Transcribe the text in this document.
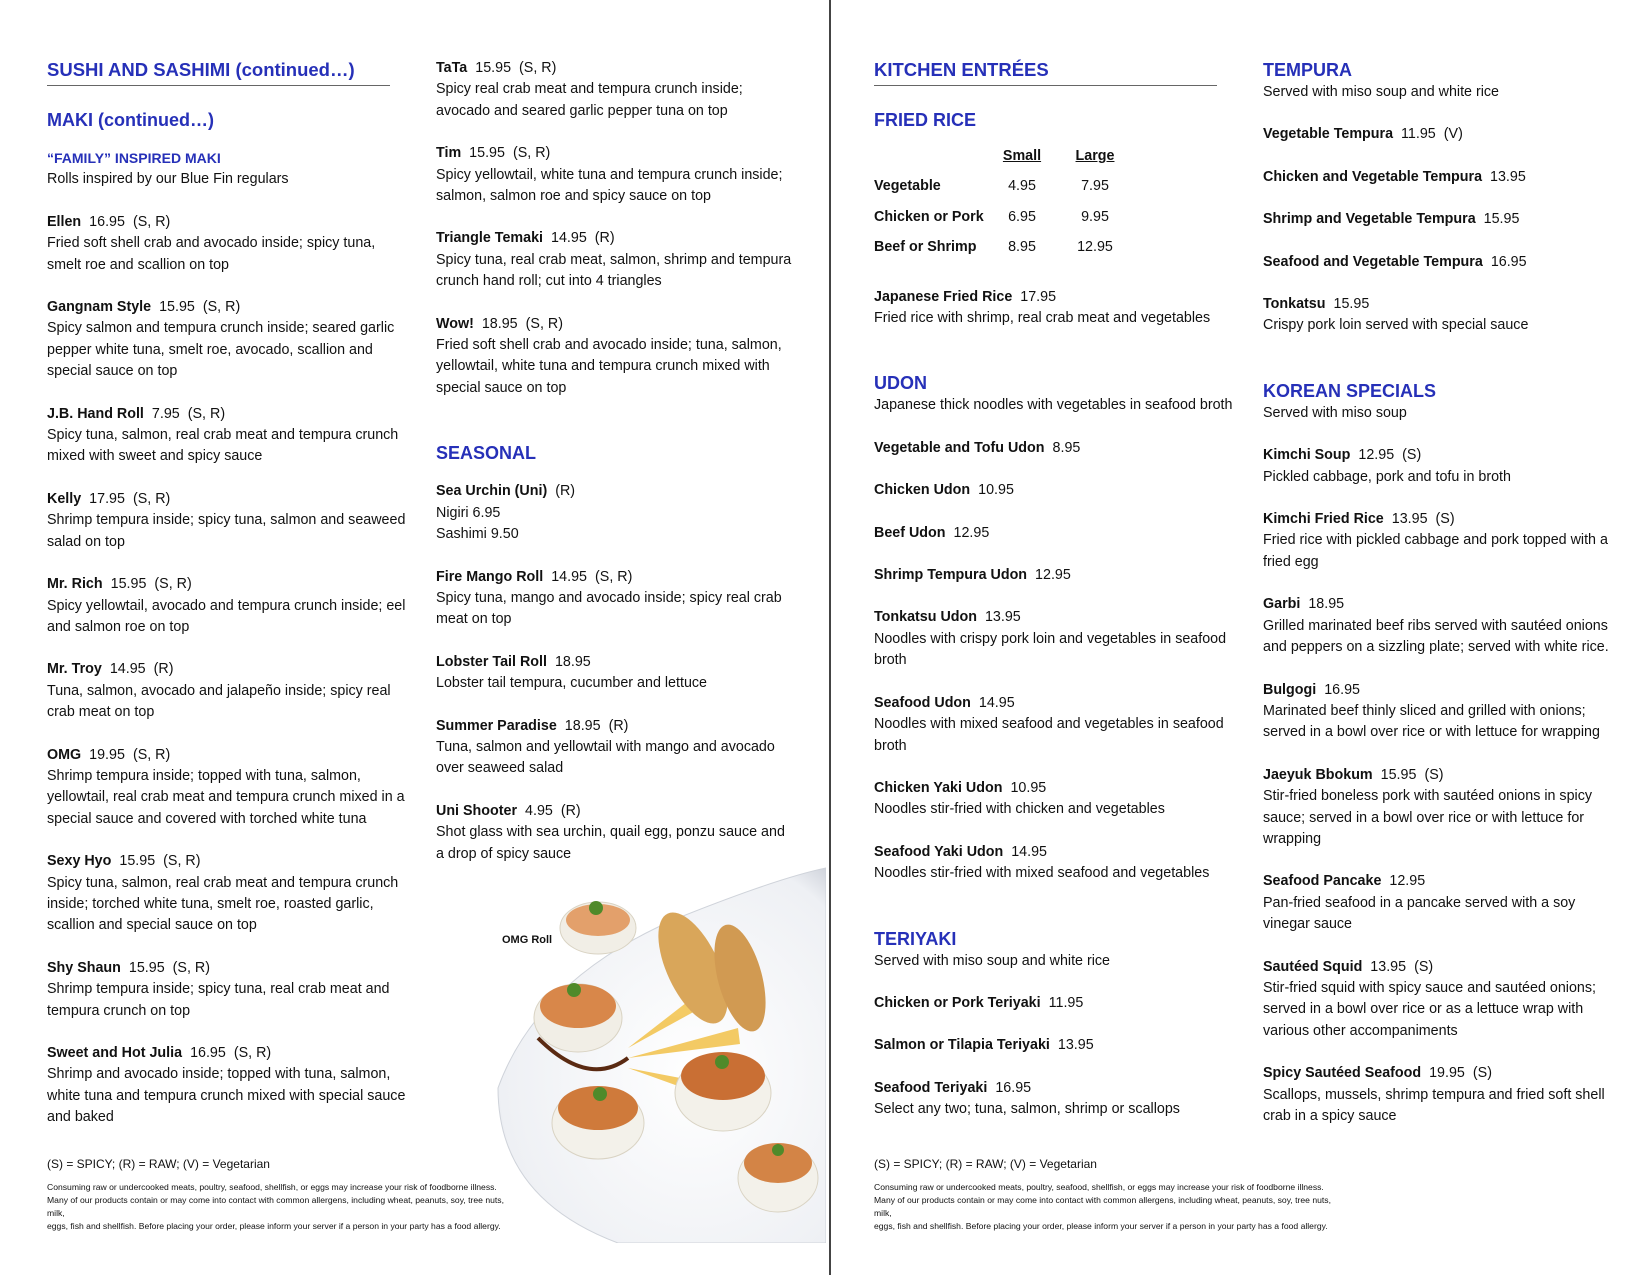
SUSHI AND SASHIMI (continued…)
MAKI (continued…)
“FAMILY” INSPIRED MAKI
Rolls inspired by our Blue Fin regulars
Ellen 16.95 (S, R)
Fried soft shell crab and avocado inside; spicy tuna,
smelt roe and scallion on top
Gangnam Style 15.95 (S, R)
Spicy salmon and tempura crunch inside; seared garlic
pepper white tuna, smelt roe, avocado, scallion and
special sauce on top
J.B. Hand Roll 7.95 (S, R)
Spicy tuna, salmon, real crab meat and tempura crunch
mixed with sweet and spicy sauce
Kelly 17.95 (S, R)
Shrimp tempura inside; spicy tuna, salmon and seaweed
salad on top
Mr. Rich 15.95 (S, R)
Spicy yellowtail, avocado and tempura crunch inside; eel
and salmon roe on top
Mr. Troy 14.95 (R)
Tuna, salmon, avocado and jalapeño inside; spicy real
crab meat on top
OMG 19.95 (S, R)
Shrimp tempura inside; topped with tuna, salmon,
yellowtail, real crab meat and tempura crunch mixed in a
special sauce and covered with torched white tuna
Sexy Hyo 15.95 (S, R)
Spicy tuna, salmon, real crab meat and tempura crunch
inside; torched white tuna, smelt roe, roasted garlic,
scallion and special sauce on top
Shy Shaun 15.95 (S, R)
Shrimp tempura inside; spicy tuna, real crab meat and
tempura crunch on top
Sweet and Hot Julia 16.95 (S, R)
Shrimp and avocado inside; topped with tuna, salmon,
white tuna and tempura crunch mixed with special sauce
and baked
TaTa 15.95 (S, R)
Spicy real crab meat and tempura crunch inside;
avocado and seared garlic pepper tuna on top
Tim 15.95 (S, R)
Spicy yellowtail, white tuna and tempura crunch inside;
salmon, salmon roe and spicy sauce on top
Triangle Temaki 14.95 (R)
Spicy tuna, real crab meat, salmon, shrimp and tempura
crunch hand roll; cut into 4 triangles
Wow! 18.95 (S, R)
Fried soft shell crab and avocado inside; tuna, salmon,
yellowtail, white tuna and tempura crunch mixed with
special sauce on top
SEASONAL
Sea Urchin (Uni) (R)
Nigiri 6.95
Sashimi 9.50
Fire Mango Roll 14.95 (S, R)
Spicy tuna, mango and avocado inside; spicy real crab
meat on top
Lobster Tail Roll 18.95
Lobster tail tempura, cucumber and lettuce
Summer Paradise 18.95 (R)
Tuna, salmon and yellowtail with mango and avocado
over seaweed salad
Uni Shooter 4.95 (R)
Shot glass with sea urchin, quail egg, ponzu sauce and
a drop of spicy sauce
OMG Roll
(S) = SPICY; (R) = RAW; (V) = Vegetarian
Consuming raw or undercooked meats, poultry, seafood, shellfish, or eggs may increase your risk of foodborne illness.
Many of our products contain or may come into contact with common allergens, including wheat, peanuts, soy, tree nuts, milk,
eggs, fish and shellfish. Before placing your order, please inform your server if a person in your party has a food allergy.
KITCHEN ENTRÉES
FRIED RICE
Small	Large
Vegetable	4.95	7.95
Chicken or Pork	6.95	9.95
Beef or Shrimp	8.95	12.95
Japanese Fried Rice 17.95
Fried rice with shrimp, real crab meat and vegetables
UDON
Japanese thick noodles with vegetables in seafood broth
Vegetable and Tofu Udon 8.95
Chicken Udon 10.95
Beef Udon 12.95
Shrimp Tempura Udon 12.95
Tonkatsu Udon 13.95
Noodles with crispy pork loin and vegetables in seafood
broth
Seafood Udon 14.95
Noodles with mixed seafood and vegetables in seafood
broth
Chicken Yaki Udon 10.95
Noodles stir-fried with chicken and vegetables
Seafood Yaki Udon 14.95
Noodles stir-fried with mixed seafood and vegetables
TERIYAKI
Served with miso soup and white rice
Chicken or Pork Teriyaki 11.95
Salmon or Tilapia Teriyaki 13.95
Seafood Teriyaki 16.95
Select any two; tuna, salmon, shrimp or scallops
TEMPURA
Served with miso soup and white rice
Vegetable Tempura 11.95 (V)
Chicken and Vegetable Tempura 13.95
Shrimp and Vegetable Tempura 15.95
Seafood and Vegetable Tempura 16.95
Tonkatsu 15.95
Crispy pork loin served with special sauce
KOREAN SPECIALS
Served with miso soup
Kimchi Soup 12.95 (S)
Pickled cabbage, pork and tofu in broth
Kimchi Fried Rice 13.95 (S)
Fried rice with pickled cabbage and pork topped with a
fried egg
Garbi 18.95
Grilled marinated beef ribs served with sautéed onions
and peppers on a sizzling plate; served with white rice.
Bulgogi 16.95
Marinated beef thinly sliced and grilled with onions;
served in a bowl over rice or with lettuce for wrapping
Jaeyuk Bbokum 15.95 (S)
Stir-fried boneless pork with sautéed onions in spicy
sauce; served in a bowl over rice or with lettuce for
wrapping
Seafood Pancake 12.95
Pan-fried seafood in a pancake served with a soy
vinegar sauce
Sautéed Squid 13.95 (S)
Stir-fried squid with spicy sauce and sautéed onions;
served in a bowl over rice or as a lettuce wrap with
various other accompaniments
Spicy Sautéed Seafood 19.95 (S)
Scallops, mussels, shrimp tempura and fried soft shell
crab in a spicy sauce
(S) = SPICY; (R) = RAW; (V) = Vegetarian
Consuming raw or undercooked meats, poultry, seafood, shellfish, or eggs may increase your risk of foodborne illness.
Many of our products contain or may come into contact with common allergens, including wheat, peanuts, soy, tree nuts, milk,
eggs, fish and shellfish. Before placing your order, please inform your server if a person in your party has a food allergy.
